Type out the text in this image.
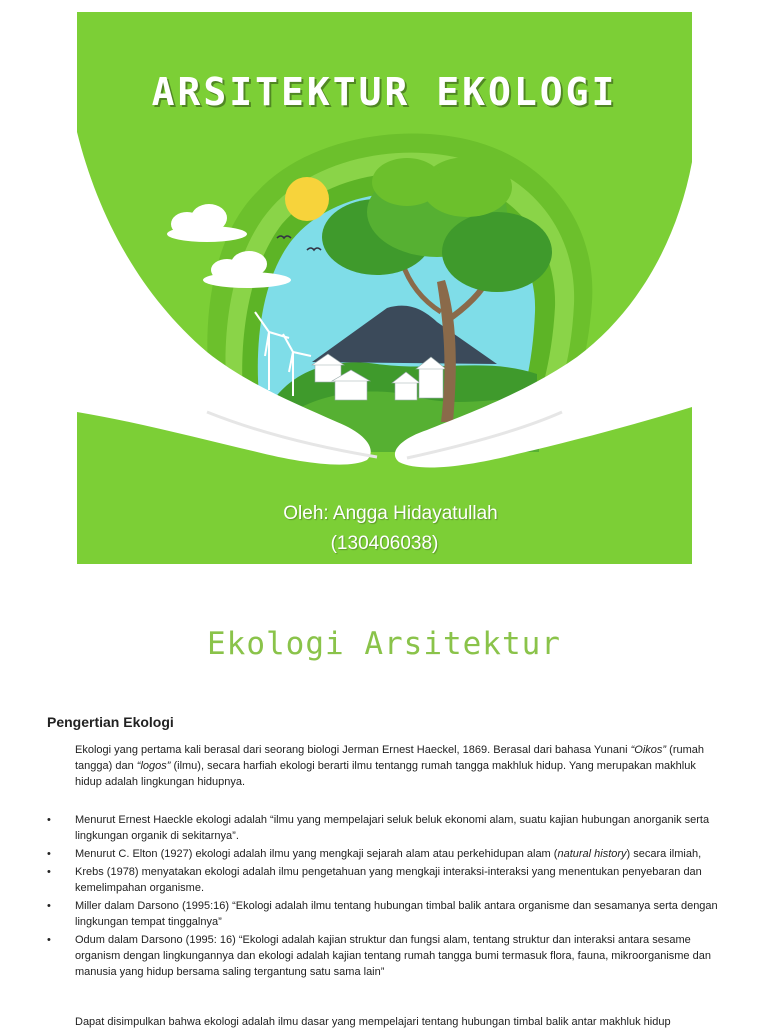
ARSITEKTUR EKOLOGI
Oleh: Angga Hidayatullah
(130406038)
Ekologi Arsitektur
Pengertian Ekologi
Ekologi yang pertama kali berasal dari seorang biologi Jerman Ernest Haeckel, 1869. Berasal dari bahasa Yunani “Oikos” (rumah tangga) dan “logos” (ilmu), secara harfiah ekologi berarti ilmu tentangg rumah tangga makhluk hidup. Yang merupakan makhluk hidup adalah lingkungan hidupnya.
• Menurut Ernest Haeckle ekologi adalah “ilmu yang mempelajari seluk beluk ekonomi alam, suatu kajian hubungan anorganik serta lingkungan organik di sekitarnya”.
• Menurut C. Elton (1927) ekologi adalah ilmu yang mengkaji sejarah alam atau perkehidupan alam (natural history) secara ilmiah,
• Krebs (1978) menyatakan ekologi adalah ilmu pengetahuan yang mengkaji interaksi-interaksi yang menentukan penyebaran dan kemelimpahan organisme.
• Miller dalam Darsono (1995:16) “Ekologi adalah ilmu tentang hubungan timbal balik antara organisme dan sesamanya serta dengan lingkungan tempat tinggalnya”
• Odum dalam Darsono (1995: 16) “Ekologi adalah kajian struktur dan fungsi alam, tentang struktur dan interaksi antara sesame organism dengan lingkungannya dan ekologi adalah kajian tentang rumah tangga bumi termasuk flora, fauna, mikroorganisme dan manusia yang hidup bersama saling tergantung satu sama lain”
Dapat disimpulkan bahwa ekologi adalah ilmu dasar yang mempelajari tentang hubungan timbal balik antar makhluk hidup
